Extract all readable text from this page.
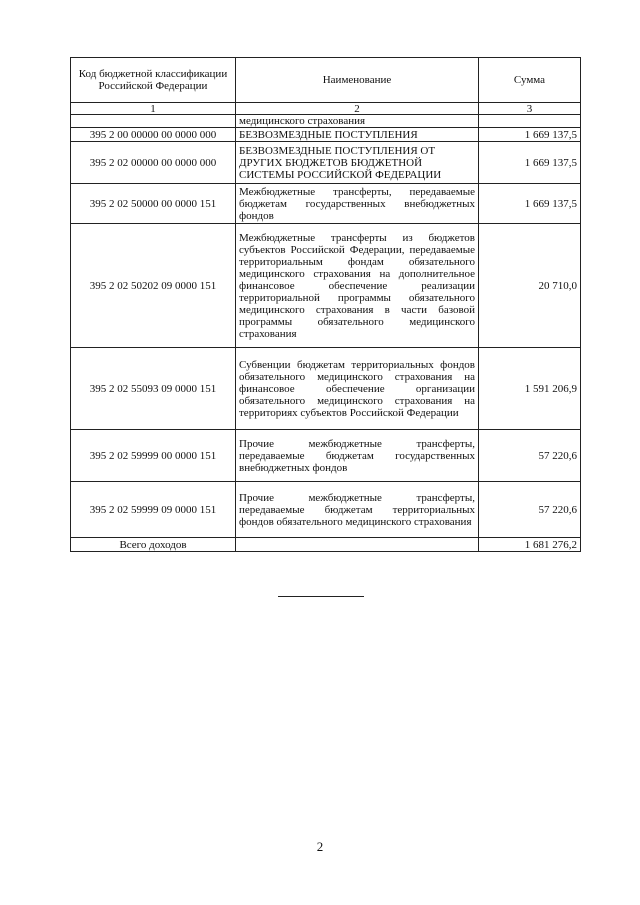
Код бюджетной классификации Российской Федерации	Наименование	Сумма
1	2	3
	медицинского страхования	
395 2 00 00000 00 0000 000	БЕЗВОЗМЕЗДНЫЕ ПОСТУПЛЕНИЯ	1 669 137,5
395 2 02 00000 00 0000 000	БЕЗВОЗМЕЗДНЫЕ ПОСТУПЛЕНИЯ ОТ ДРУГИХ БЮДЖЕТОВ БЮДЖЕТНОЙ СИСТЕМЫ РОССИЙСКОЙ ФЕДЕРАЦИИ	1 669 137,5
395 2 02 50000 00 0000 151	Межбюджетные трансферты, передаваемые бюджетам государственных внебюджетных фондов	1 669 137,5
395 2 02 50202 09 0000 151	Межбюджетные трансферты из бюджетов субъектов Российской Федерации, передаваемые территориальным фондам обязательного медицинского страхования на дополнительное финансовое обеспечение реализации территориальной программы обязательного медицинского страхования в части базовой программы обязательного медицинского страхования	20 710,0
395 2 02 55093 09 0000 151	Субвенции бюджетам территориальных фондов обязательного медицинского страхования на финансовое обеспечение организации обязательного медицинского страхования на территориях субъектов Российской Федерации	1 591 206,9
395 2 02 59999 00 0000 151	Прочие межбюджетные трансферты, передаваемые бюджетам государственных внебюджетных фондов	57 220,6
395 2 02 59999 09 0000 151	Прочие межбюджетные трансферты, передаваемые бюджетам территориальных фондов обязательного медицинского страхования	57 220,6
Всего доходов		1 681 276,2
2
